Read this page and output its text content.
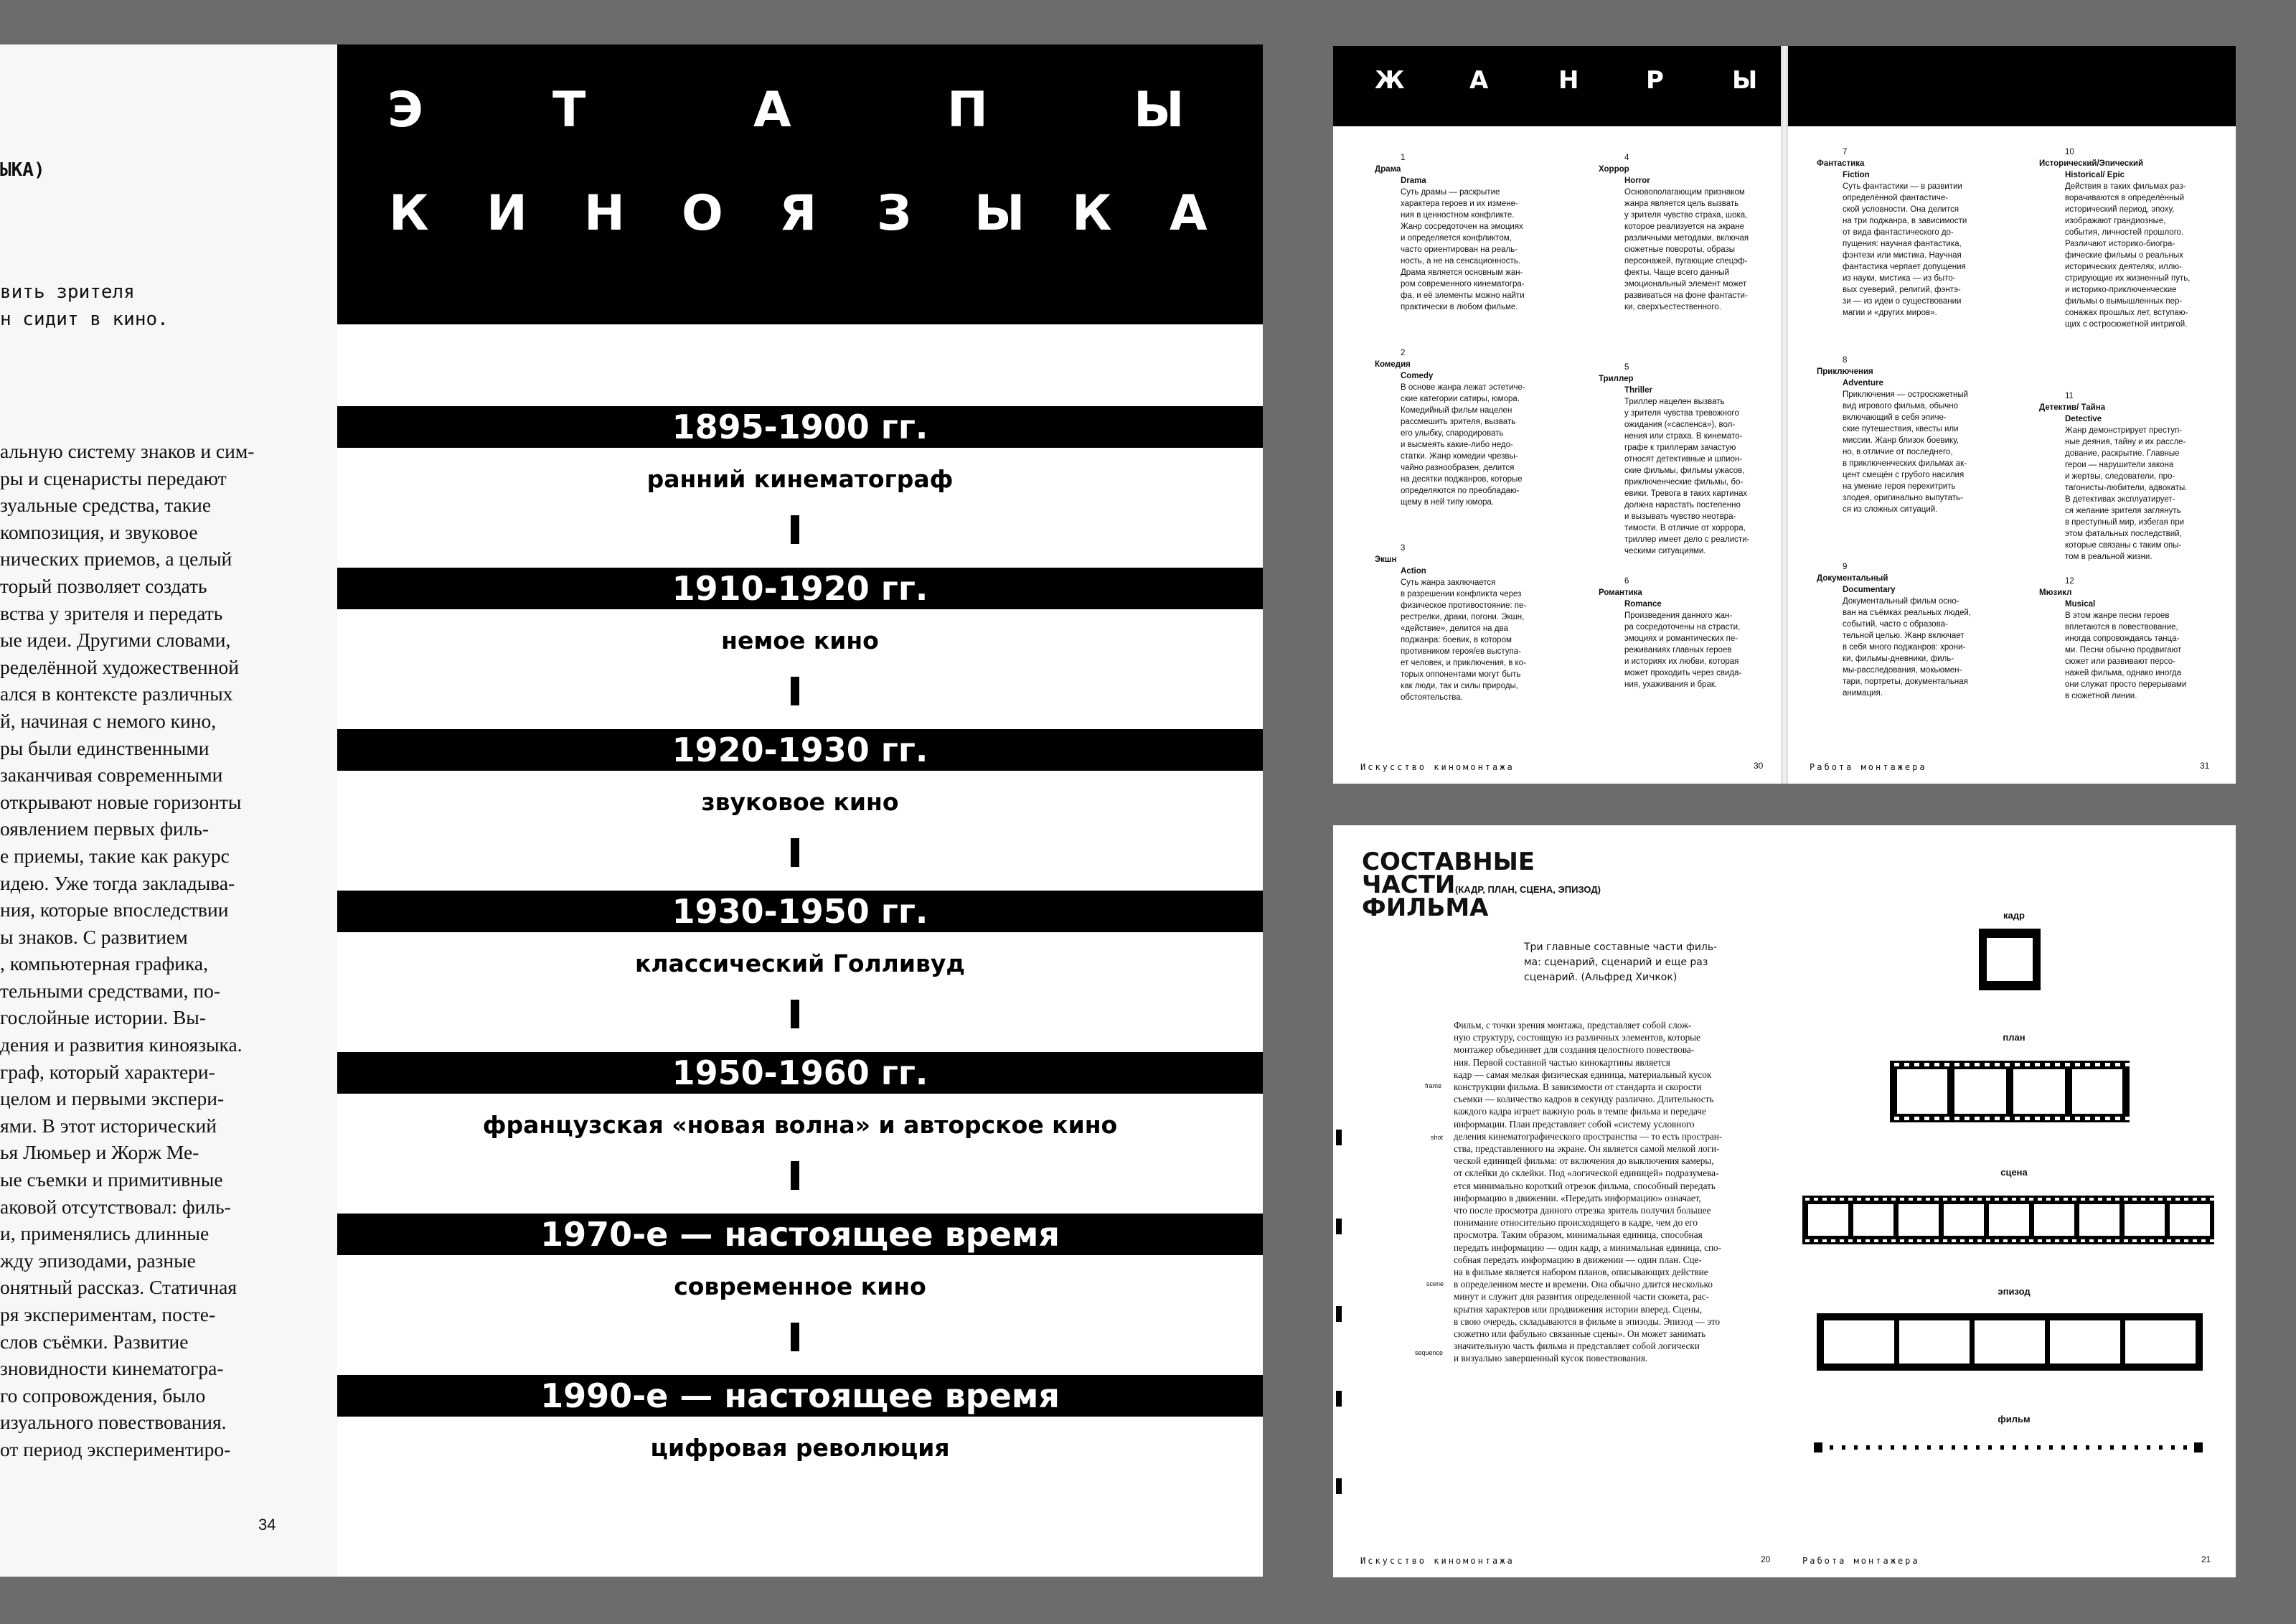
ЫКА)
вить зрителя
н сидит в кино.

альную систему знаков и сим-

ры и сценаристы передают

зуальные средства, такие

композиция, и звуковое

нических приемов, а целый

торый позволяет создать

вства у зрителя и передать

ые идеи. Другими словами,

ределённой художественной

ался в контексте различных

й, начиная с немого кино,

ры были единственными

заканчивая современными

открывают новые горизонты

оявлением первых филь-

е приемы, такие как ракурс

идею. Уже тогда закладыва-

ния, которые впоследствии

ы знаков. С развитием

, компьютерная графика,

тельными средствами, по-

гослойные истории. Вы-

дения и развития киноязыка.

граф, который характери-

целом и первыми экспери-

ями. В этот исторический

ья Люмьер и Жорж Ме-

ые съемки и примитивные

аковой отсутствовал: филь-

и, применялись длинные

жду эпизодами, разные

онятный рассказ. Статичная

ря экспериментам, посте-

слов съёмки. Развитие

зновидности кинематогра-

го сопровождения, было

изуального повествования.

от период экспериментиро-

34
Э	Т	А	П	Ы
К И Н О Я З Ы К А
1895-1900 гг.
ранний кинематограф
1910-1920 гг.
немое кино
1920-1930 гг.
звуковое кино
1930-1950 гг.
классический Голливуд
1950-1960 гг.
французская «новая волна» и авторское кино
1970-е — настоящее время
современное кино
1990-е — настоящее время
цифровая революция
Ж	А	Н	Р	Ы
1
Драма
Drama
Суть драмы — раскрытие
характера героев и их измене-
ния в ценностном конфликте.
Жанр сосредоточен на эмоциях
и определяется конфликтом,
часто ориентирован на реаль-
ность, а не на сенсационность.
Драма является основным жан-
ром современного кинематогра-
фа, и её элементы можно найти
практически в любом фильме.
2
Комедия
Comedy
В основе жанра лежат эстетиче-
ские категории сатиры, юмора.
Комедийный фильм нацелен
рассмешить зрителя, вызвать
его улыбку, спародировать
и высмеять какие-либо недо-
статки. Жанр комедии чрезвы-
чайно разнообразен, делится
на десятки поджанров, которые
определяются по преобладаю-
щему в ней типу юмора.
3
Экшн
Action
Суть жанра заключается
в разрешении конфликта через
физическое противостояние: пе-
рестрелки, драки, погони. Экшн,
«действие», делится на два
поджанра: боевик, в котором
противником героя/ев выступа-
ет человек, и приключения, в ко-
торых оппонентами могут быть
как люди, так и силы природы,
обстоятельства.
4
Хоррор
Horror
Основополагающим признаком
жанра является цель вызвать
у зрителя чувство страха, шока,
которое реализуется на экране
различными методами, включая
сюжетные повороты, образы
персонажей, пугающие спецэф-
фекты. Чаще всего данный
эмоциональный элемент может
развиваться на фоне фантасти-
ки, сверхъестественного.
5
Триллер
Thriller
Триллер нацелен вызвать
у зрителя чувства тревожного
ожидания («саспенса»), вол-
нения или страха. В кинемато-
графе к триллерам зачастую
относят детективные и шпион-
ские фильмы, фильмы ужасов,
приключенческие фильмы, бо-
евики. Тревога в таких картинах
должна нарастать постепенно
и вызывать чувство неотвра-
тимости. В отличие от хоррора,
триллер имеет дело с реалисти-
ческими ситуациями.
6
Романтика
Romance
Произведения данного жан-
ра сосредоточены на страсти,
эмоциях и романтических пе-
реживаниях главных героев
и историях их любви, которая
может проходить через свида-
ния, ухаживания и брак.
7
Фантастика
Fiction
Суть фантастики — в развитии
определённой фантастиче-
ской условности. Она делится
на три поджанра, в зависимости
от вида фантастического до-
пущения: научная фантастика,
фэнтези или мистика. Научная
фантастика черпает допущения
из науки, мистика — из быто-
вых суеверий, религий, фэнтэ-
зи — из идеи о существовании
магии и «других миров».
8
Приключения
Adventure
Приключения — остросюжетный
вид игрового фильма, обычно
включающий в себя эпиче-
ские путешествия, квесты или
миссии. Жанр близок боевику,
но, в отличие от последнего,
в приключенческих фильмах ак-
цент смещён с грубого насилия
на умение героя перехитрить
злодея, оригинально выпутать-
ся из сложных ситуаций.
9
Документальный
Documentary
Документальный фильм осно-
ван на съёмках реальных людей,
событий, часто с образова-
тельной целью. Жанр включает
в себя много поджанров: хрони-
ки, фильмы-дневники, филь-
мы-расследования, мокьюмен-
тари, портреты, документальная
анимация.
10
Исторический/Эпический
Historical/ Epic
Действия в таких фильмах раз-
ворачиваются в определённый
исторический период, эпоху,
изображают грандиозные,
события, личностей прошлого.
Различают историко-биогра-
фические фильмы о реальных
исторических деятелях, иллю-
стрирующие их жизненный путь,
и историко-приключенческие
фильмы о вымышленных пер-
сонажах прошлых лет, вступаю-
щих с остросюжетной интригой.
11
Детектив/ Тайна
Detective
Жанр демонстрирует преступ-
ные деяния, тайну и их рассле-
дование, раскрытие. Главные
герои — нарушители закона
и жертвы, следователи, про-
тагонисты-любители, адвокаты.
В детективах эксплуатирует-
ся желание зрителя заглянуть
в преступный мир, избегая при
этом фатальных последствий,
которые связаны с таким опы-
том в реальной жизни.
12
Мюзикл
Musical
В этом жанре песни героев
вплетаются в повествование,
иногда сопровождаясь танца-
ми. Песни обычно продвигают
сюжет или развивают персо-
нажей фильма, однако иногда
они служат просто перерывами
в сюжетной линии.
Искусство киномонтажа	30	Работа монтажера	31
СОСТАВНЫЕ
ЧАСТИ (КАДР, ПЛАН, СЦЕНА, ЭПИЗОД)
ФИЛЬМА
Три главные составные части филь-
ма: сценарий, сценарий и еще раз
сценарий. (Альфред Хичкок)

Фильм, с точки зрения монтажа, представляет собой слож-

ную структуру, состоящую из различных элементов, которые

монтажер объединяет для создания целостного повествова-

ния. Первой составной частью кинокартины является

кадр — самая мелкая физическая единица, материальный кусок

конструкции фильма. В зависимости от стандарта и скорости

съемки — количество кадров в секунду различно. Длительность

каждого кадра играет важную роль в темпе фильма и передаче

информации. План представляет собой «систему условного

деления кинематографического пространства — то есть простран-

ства, представленного на экране. Он является самой мелкой логи-

ческой единицей фильма: от включения до выключения камеры,

от склейки до склейки. Под «логической единицей» подразумева-

ется минимально короткий отрезок фильма, способный передать

информацию в движении. «Передать информацию» означает,

что после просмотра данного отрезка зритель получил большее

понимание относительно происходящего в кадре, чем до его

просмотра. Таким образом, минимальная единица, способная

передать информацию — один кадр, а минимальная единица, спо-

собная передать информацию в движении — один план. Сце-

на в фильме является набором планов, описывающих действие

в определенном месте и времени. Она обычно длится несколько

минут и служит для развития определенной части сюжета, рас-

крытия характеров или продвижения истории вперед. Сцены,

в свою очередь, складываются в фильме в эпизоды. Эпизод — это

сюжетно или фабульно связанные сцены». Он может занимать

значительную часть фильма и представляет собой логически

и визуально завершенный кусок повествования.

frame
shot
scene
sequence
кадр
план
сцена
эпизод
фильм
Искусство киномонтажа	20	Работа монтажера	21
